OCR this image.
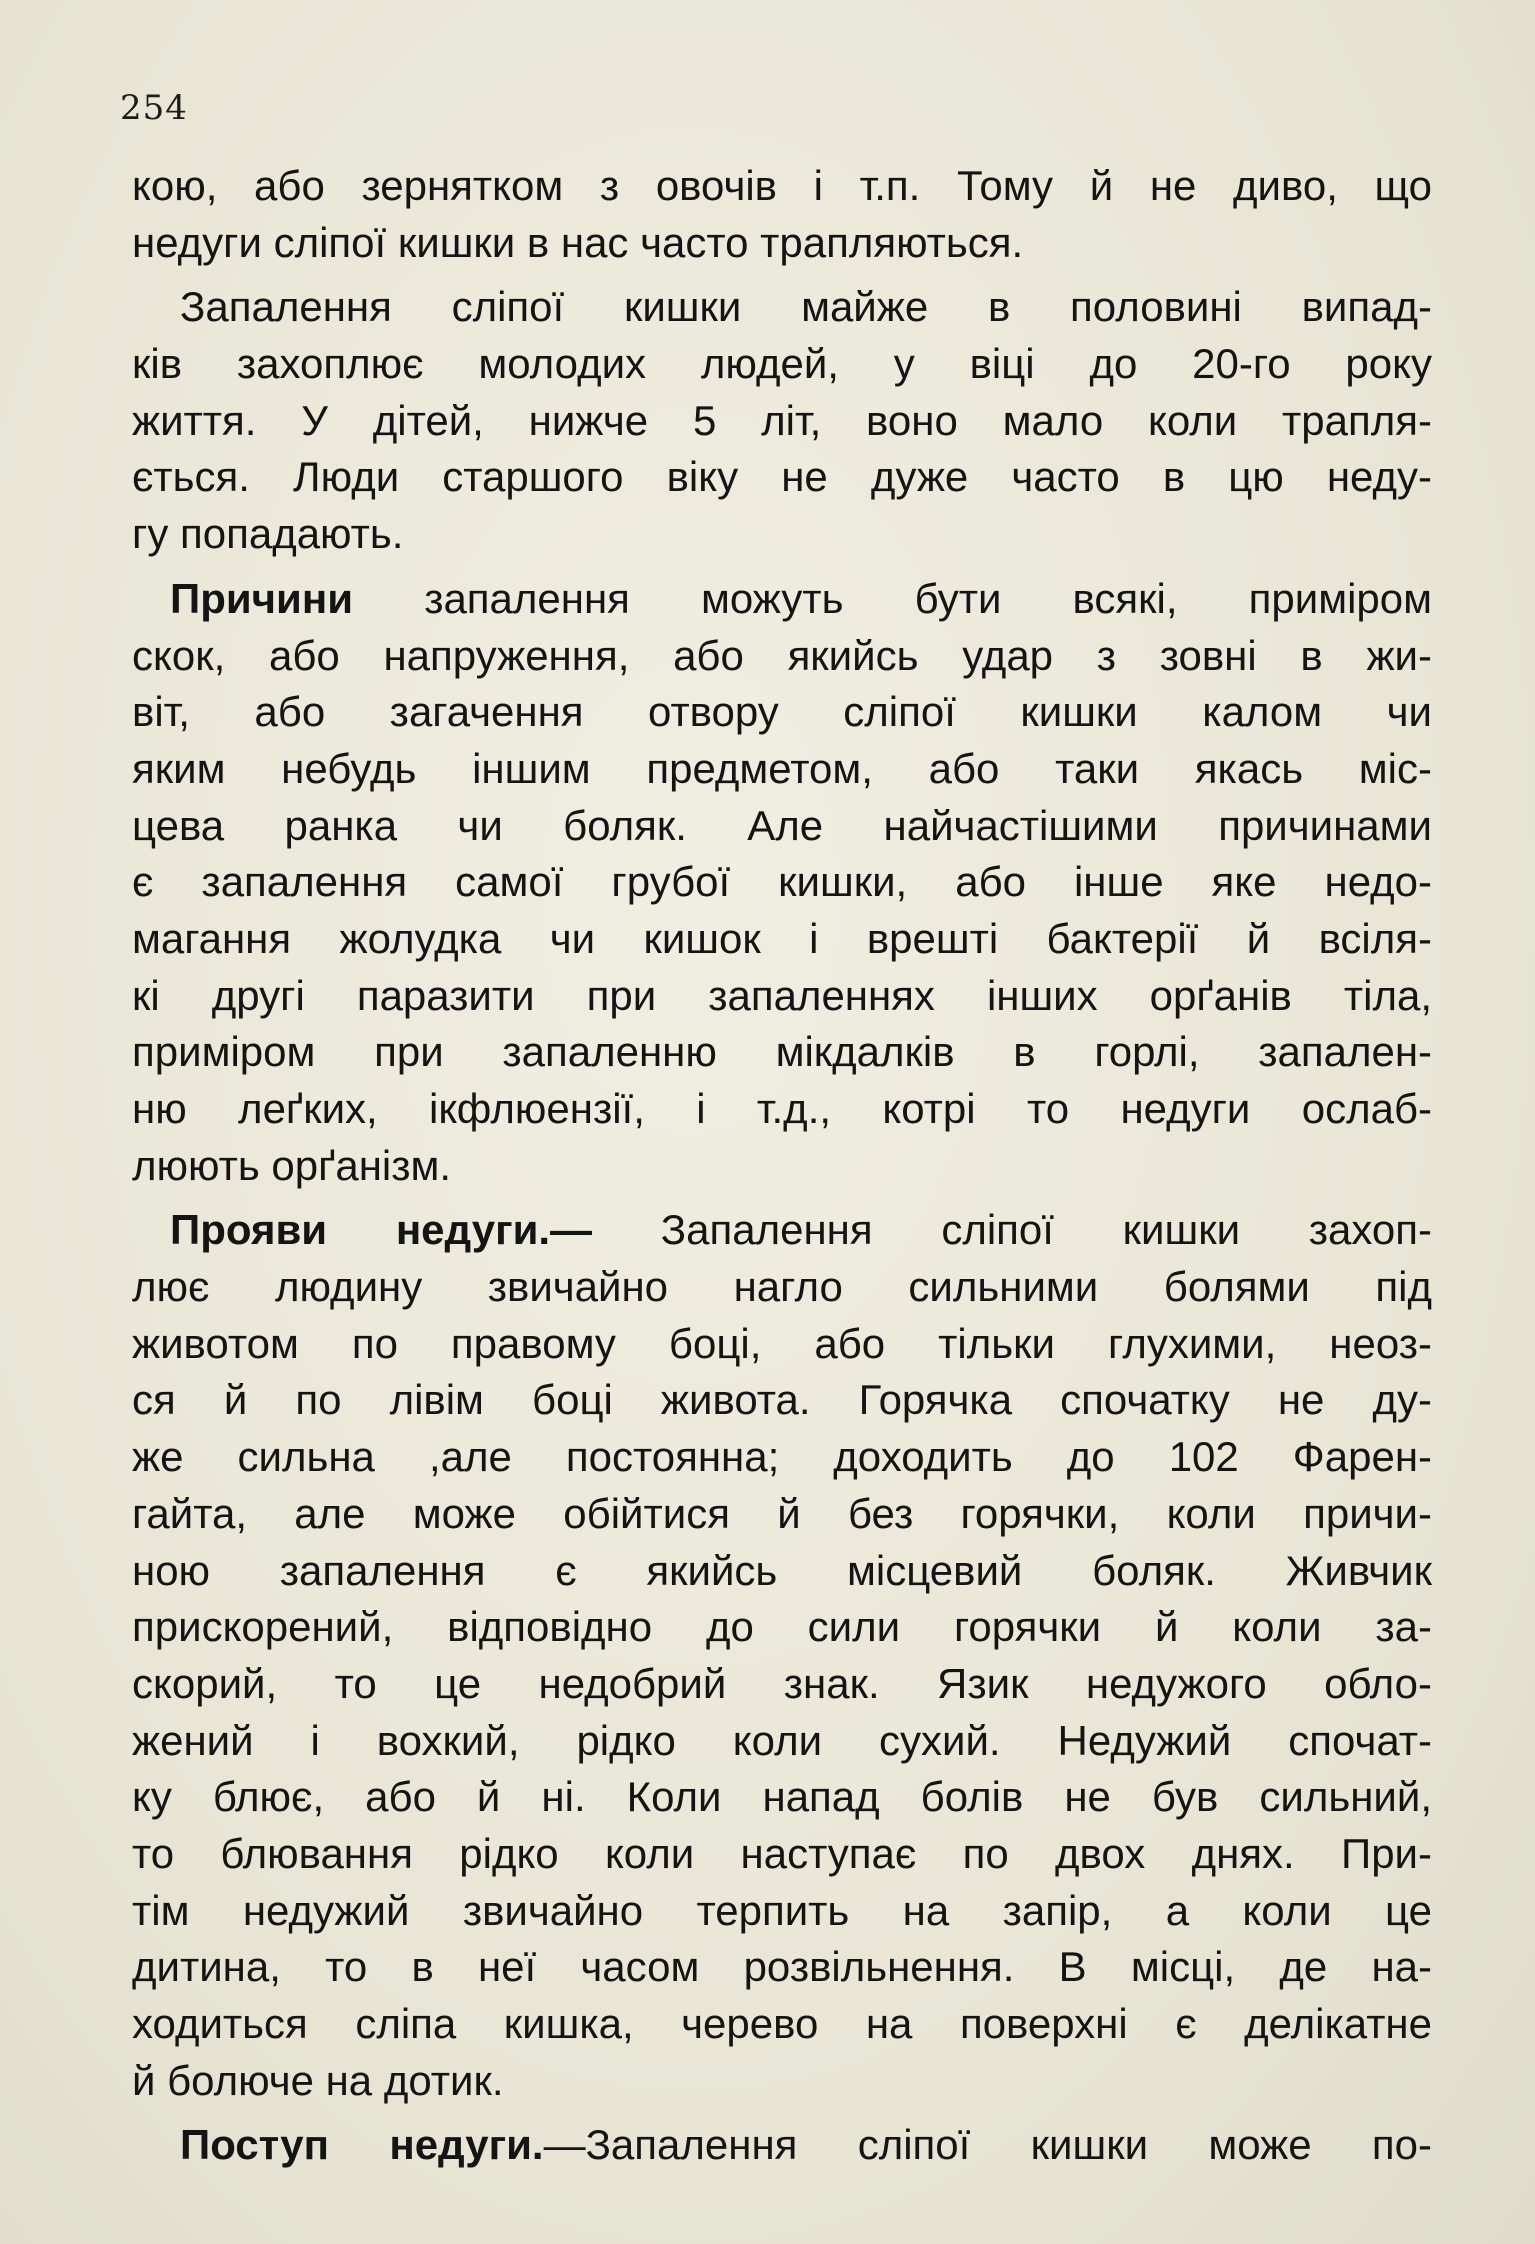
254
кою, або зернятком з овочів і т.п. Тому й не диво, що
недуги сліпої кишки в нас часто трапляються.
Запалення сліпої кишки майже в половині випад-
ків захоплює молодих людей, у віці до 20-го року
життя. У дітей, нижче 5 літ, воно мало коли трапля-
ється. Люди старшого віку не дуже часто в цю неду-
гу попадають.
Причини запалення можуть бути всякі, приміром
скок, або напруження, або якийсь удар з зовні в жи-
віт, або загачення отвору сліпої кишки калом чи
яким небудь іншим предметом, або таки якась міс-
цева ранка чи боляк. Але найчастішими причинами
є запалення самої грубої кишки, або інше яке недо-
магання жолудка чи кишок і врешті бактерії й всіля-
кі другі паразити при запаленнях інших орґанів тіла,
приміром при запаленню мікдалків в горлі, запален-
ню леґких, ікфлюензії, і т.д., котрі то недуги ослаб-
люють орґанізм.
Прояви недуги.— Запалення сліпої кишки захоп-
лює людину звичайно нагло сильними болями під
животом по правому боці, або тільки глухими, неоз-
ся й по лівім боці живота. Горячка спочатку не ду-
же сильна ,але постоянна; доходить до 102 Фарен-
гайта, але може обійтися й без горячки, коли причи-
ною запалення є якийсь місцевий боляк. Живчик
прискорений, відповідно до сили горячки й коли за-
скорий, то це недобрий знак. Язик недужого обло-
жений і вохкий, рідко коли сухий. Недужий спочат-
ку блює, або й ні. Коли напад болів не був сильний,
то блювання рідко коли наступає по двох днях. При-
тім недужий звичайно терпить на запір, а коли це
дитина, то в неї часом розвільнення. В місці, де на-
ходиться сліпа кишка, черево на поверхні є делікатне
й болюче на дотик.
Поступ недуги.—Запалення сліпої кишки може по-
